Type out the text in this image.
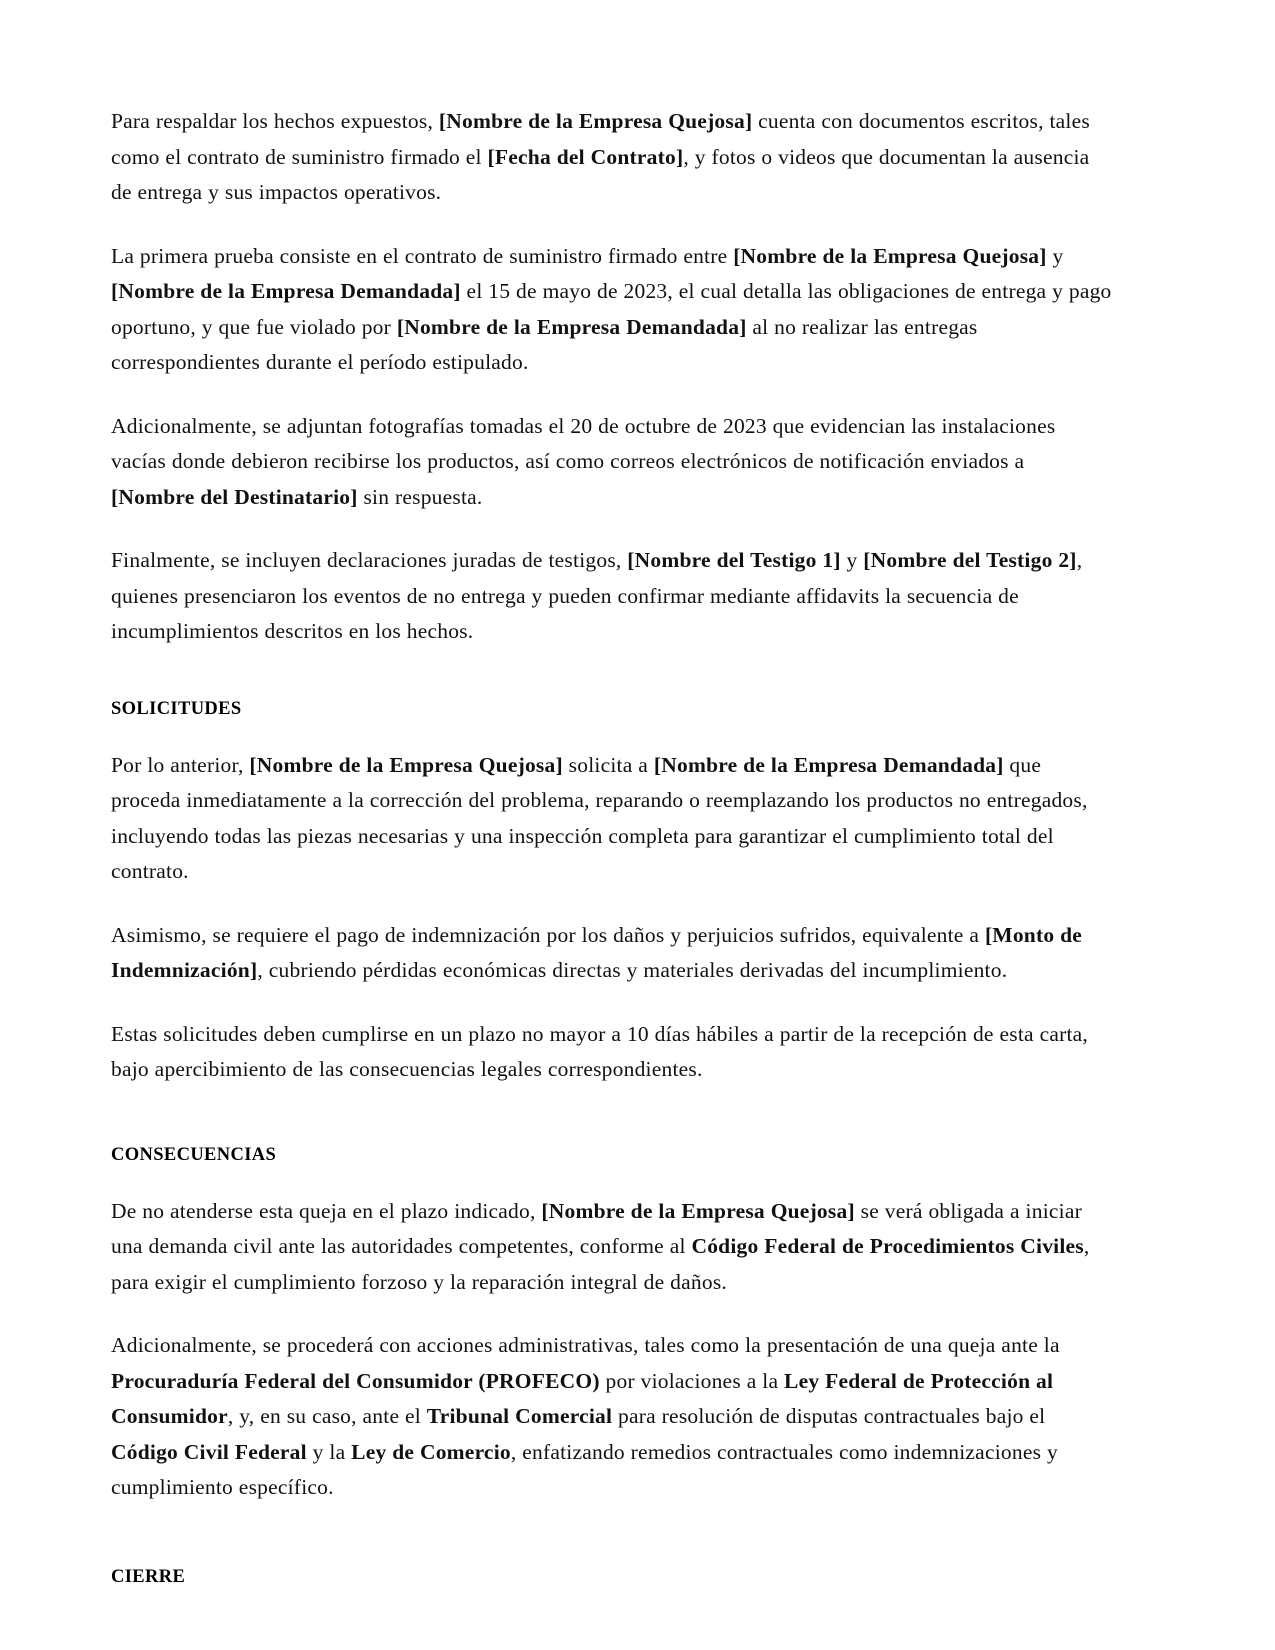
Para respaldar los hechos expuestos, [Nombre de la Empresa Quejosa] cuenta con documentos escritos, tales como el contrato de suministro firmado el [Fecha del Contrato], y fotos o videos que documentan la ausencia de entrega y sus impactos operativos.

La primera prueba consiste en el contrato de suministro firmado entre [Nombre de la Empresa Quejosa] y [Nombre de la Empresa Demandada] el 15 de mayo de 2023, el cual detalla las obligaciones de entrega y pago oportuno, y que fue violado por [Nombre de la Empresa Demandada] al no realizar las entregas correspondientes durante el período estipulado.

Adicionalmente, se adjuntan fotografías tomadas el 20 de octubre de 2023 que evidencian las instalaciones vacías donde debieron recibirse los productos, así como correos electrónicos de notificación enviados a [Nombre del Destinatario] sin respuesta.

Finalmente, se incluyen declaraciones juradas de testigos, [Nombre del Testigo 1] y [Nombre del Testigo 2], quienes presenciaron los eventos de no entrega y pueden confirmar mediante affidavits la secuencia de incumplimientos descritos en los hechos.

SOLICITUDES

Por lo anterior, [Nombre de la Empresa Quejosa] solicita a [Nombre de la Empresa Demandada] que proceda inmediatamente a la corrección del problema, reparando o reemplazando los productos no entregados, incluyendo todas las piezas necesarias y una inspección completa para garantizar el cumplimiento total del contrato.

Asimismo, se requiere el pago de indemnización por los daños y perjuicios sufridos, equivalente a [Monto de Indemnización], cubriendo pérdidas económicas directas y materiales derivadas del incumplimiento.

Estas solicitudes deben cumplirse en un plazo no mayor a 10 días hábiles a partir de la recepción de esta carta, bajo apercibimiento de las consecuencias legales correspondientes.

CONSECUENCIAS

De no atenderse esta queja en el plazo indicado, [Nombre de la Empresa Quejosa] se verá obligada a iniciar una demanda civil ante las autoridades competentes, conforme al Código Federal de Procedimientos Civiles, para exigir el cumplimiento forzoso y la reparación integral de daños.

Adicionalmente, se procederá con acciones administrativas, tales como la presentación de una queja ante la Procuraduría Federal del Consumidor (PROFECO) por violaciones a la Ley Federal de Protección al Consumidor, y, en su caso, ante el Tribunal Comercial para resolución de disputas contractuales bajo el Código Civil Federal y la Ley de Comercio, enfatizando remedios contractuales como indemnizaciones y cumplimiento específico.

CIERRE
